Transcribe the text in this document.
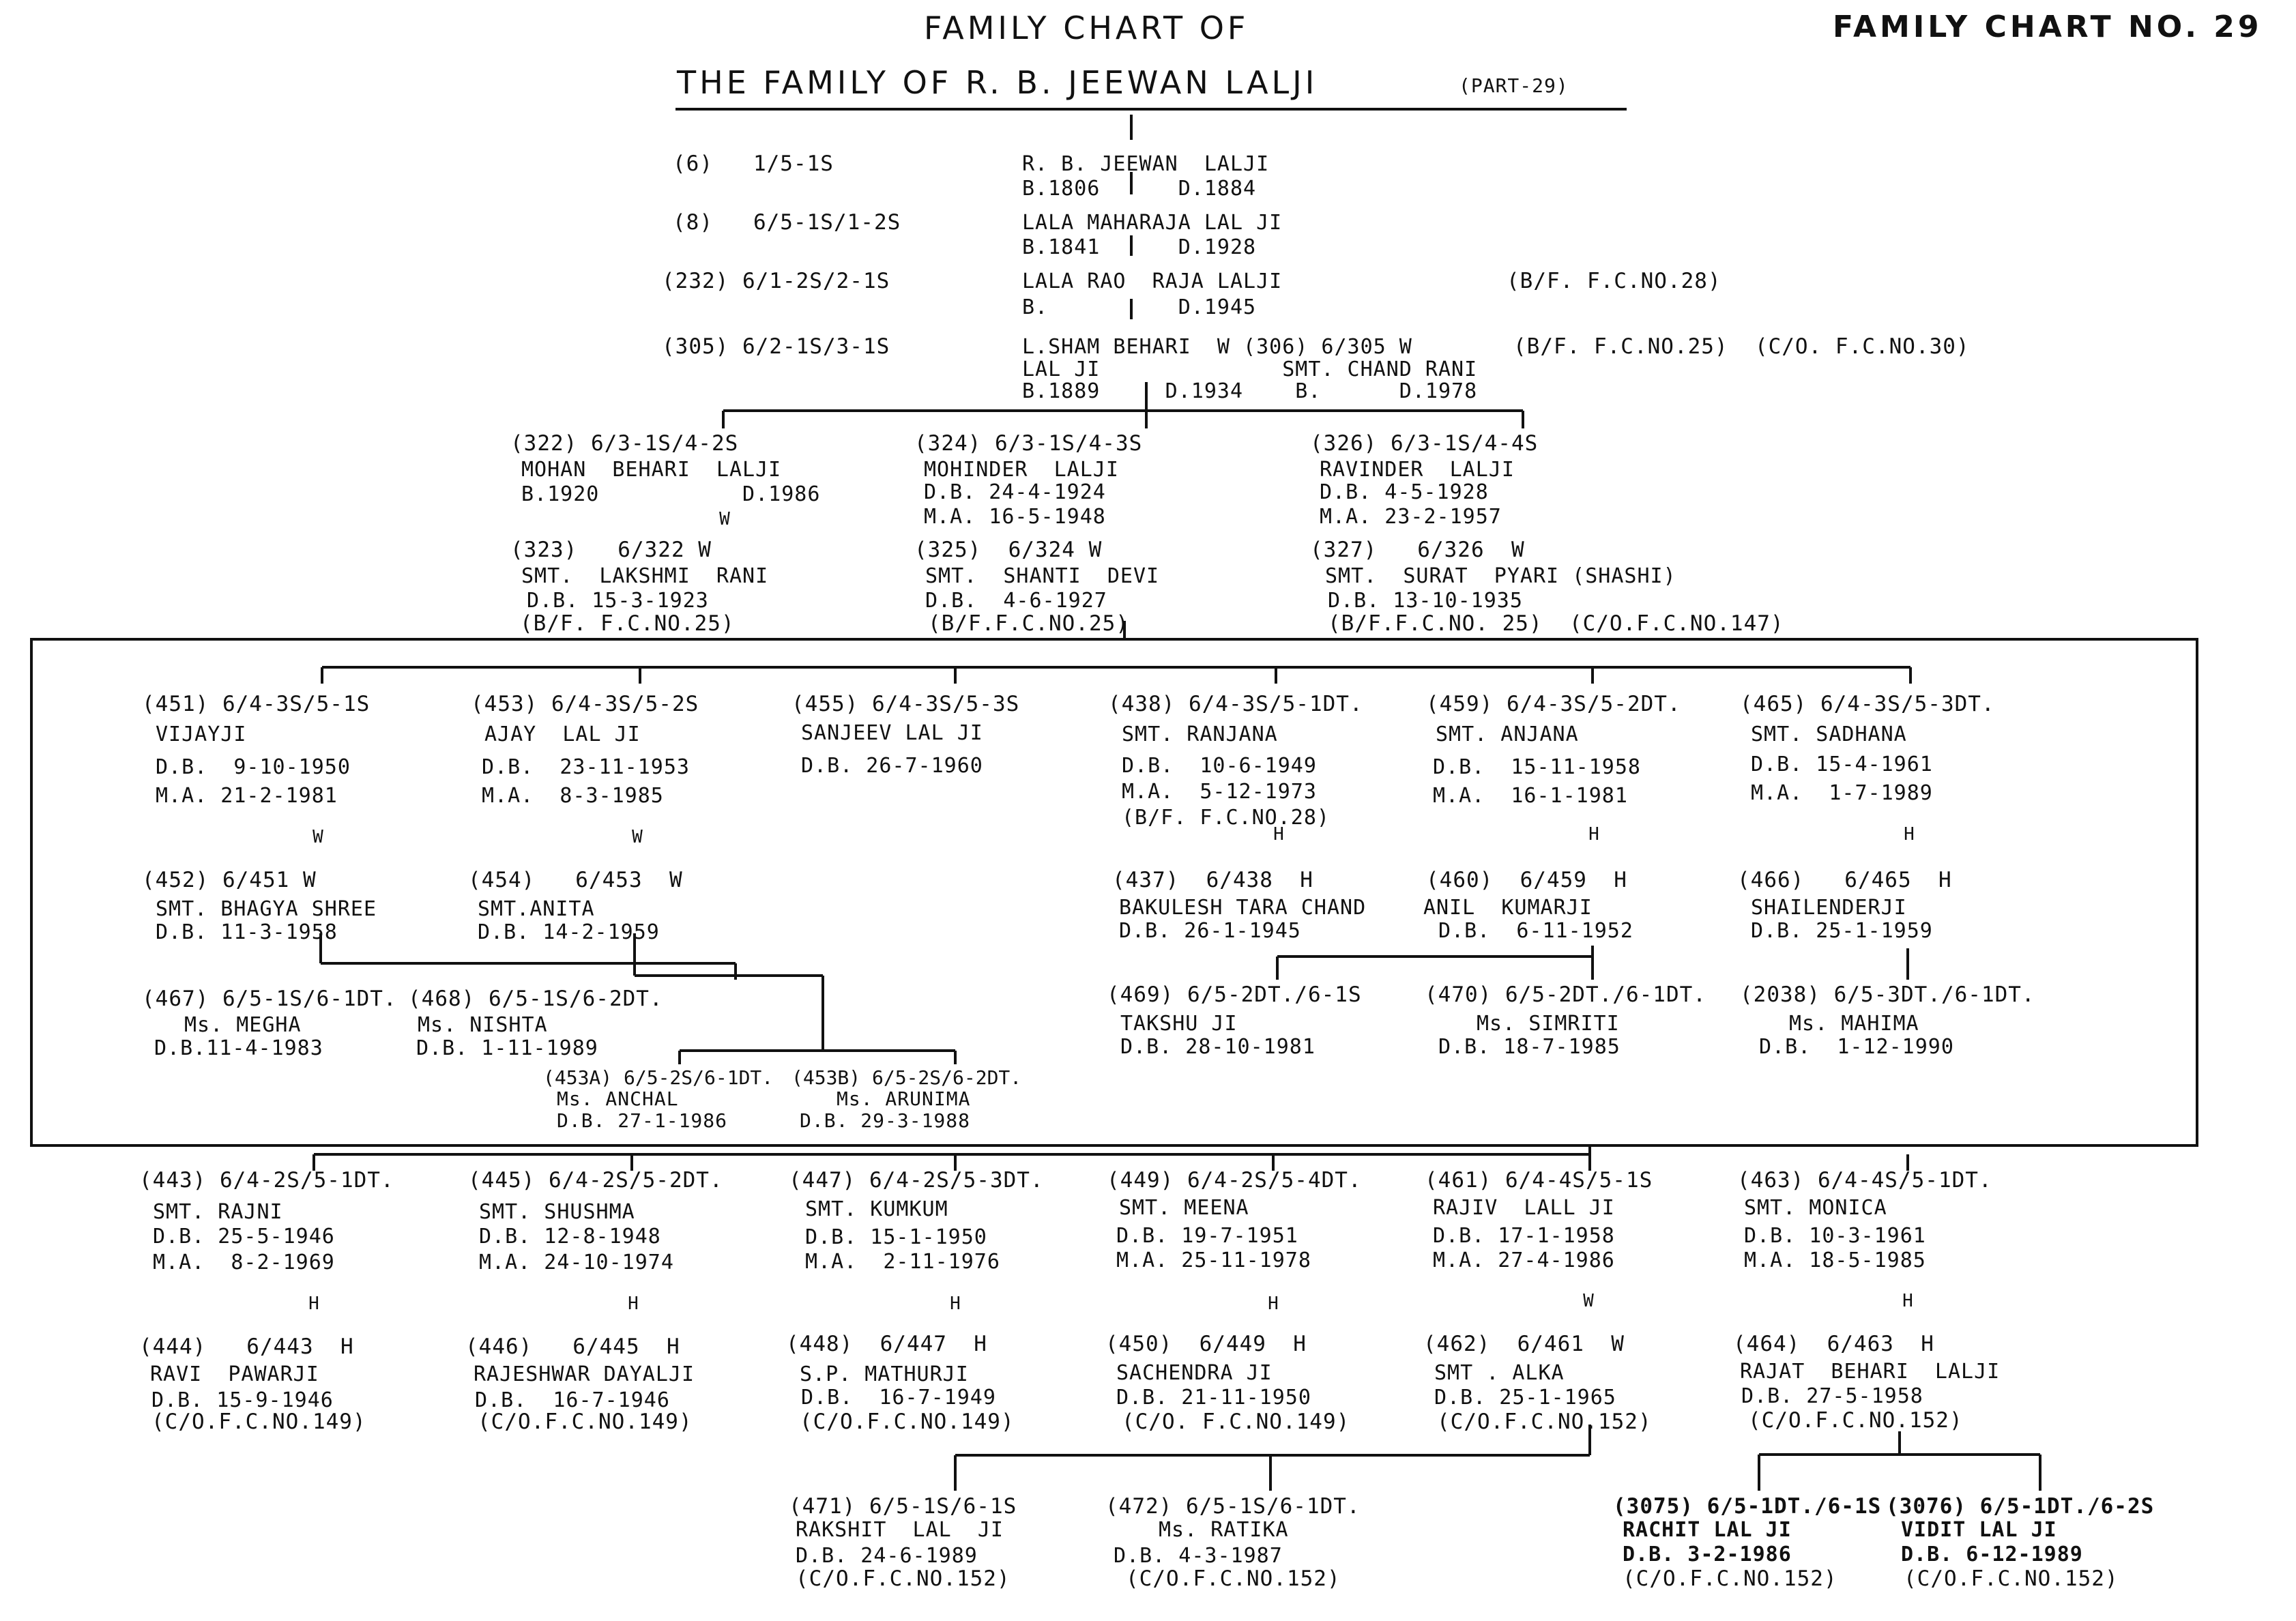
FAMILY CHART OF
THE FAMILY OF R. B. JEEWAN LALJI	(PART-29)
FAMILY CHART NO. 29
(6)   1/5-1S	R. B. JEEWAN  LALJI
B.1806      D.1884
(8)   6/5-1S/1-2S	LALA MAHARAJA LAL JI
B.1841      D.1928
(232) 6/1-2S/2-1S	LALA RAO  RAJA LALJI
B.          D.1945
(B/F. F.C.NO.28)
(305) 6/2-1S/3-1S	L.SHAM BEHARI  W (306) 6/305 W
LAL JI              SMT. CHAND RANI
B.1889     D.1934    B.      D.1978
(B/F. F.C.NO.25)  (C/O. F.C.NO.30)
(322) 6/3-1S/4-2S
MOHAN  BEHARI  LALJI
B.1920           D.1986
W
(323)   6/322 W
SMT.  LAKSHMI  RANI
D.B. 15-3-1923
(B/F. F.C.NO.25)
(324) 6/3-1S/4-3S
MOHINDER  LALJI
D.B. 24-4-1924
M.A. 16-5-1948
(325)  6/324 W
SMT.  SHANTI  DEVI
D.B.  4-6-1927
(B/F.F.C.NO.25)
(326) 6/3-1S/4-4S
RAVINDER  LALJI
D.B. 4-5-1928
M.A. 23-2-1957
(327)   6/326  W
SMT.  SURAT  PYARI (SHASHI)
D.B. 13-10-1935
(B/F.F.C.NO. 25)  (C/O.F.C.NO.147)
(451) 6/4-3S/5-1S
VIJAYJI
D.B.  9-10-1950
M.A. 21-2-1981
W
(452) 6/451 W
SMT. BHAGYA SHREE
D.B. 11-3-1958
(453) 6/4-3S/5-2S
AJAY  LAL JI
D.B.  23-11-1953
M.A.  8-3-1985
W
(454)   6/453  W
SMT.ANITA
D.B. 14-2-1959
(455) 6/4-3S/5-3S
SANJEEV LAL JI
D.B. 26-7-1960
(438) 6/4-3S/5-1DT.
SMT. RANJANA
D.B.  10-6-1949
M.A.  5-12-1973
(B/F. F.C.NO.28)
H
(437)  6/438  H
BAKULESH TARA CHAND
D.B. 26-1-1945
(459) 6/4-3S/5-2DT.
SMT. ANJANA
D.B.  15-11-1958
M.A.  16-1-1981
H
(460)  6/459  H
ANIL  KUMARJI
D.B.  6-11-1952
(465) 6/4-3S/5-3DT.
SMT. SADHANA
D.B. 15-4-1961
M.A.  1-7-1989
H
(466)   6/465  H
SHAILENDERJI
D.B. 25-1-1959
(467) 6/5-1S/6-1DT.
Ms. MEGHA
D.B.11-4-1983
(468) 6/5-1S/6-2DT.
Ms. NISHTA
D.B. 1-11-1989
(453A) 6/5-2S/6-1DT.
Ms. ANCHAL
D.B. 27-1-1986
(453B) 6/5-2S/6-2DT.
Ms. ARUNIMA
D.B. 29-3-1988
(469) 6/5-2DT./6-1S
TAKSHU JI
D.B. 28-10-1981
(470) 6/5-2DT./6-1DT.
Ms. SIMRITI
D.B. 18-7-1985
(2038) 6/5-3DT./6-1DT.
Ms. MAHIMA
D.B.  1-12-1990
(443) 6/4-2S/5-1DT.
SMT. RAJNI
D.B. 25-5-1946
M.A.  8-2-1969
H
(444)   6/443  H
RAVI  PAWARJI
D.B. 15-9-1946
(C/O.F.C.NO.149)
(445) 6/4-2S/5-2DT.
SMT. SHUSHMA
D.B. 12-8-1948
M.A. 24-10-1974
H
(446)   6/445  H
RAJESHWAR DAYALJI
D.B.  16-7-1946
(C/O.F.C.NO.149)
(447) 6/4-2S/5-3DT.
SMT. KUMKUM
D.B. 15-1-1950
M.A.  2-11-1976
H
(448)  6/447  H
S.P. MATHURJI
D.B.  16-7-1949
(C/O.F.C.NO.149)
(449) 6/4-2S/5-4DT.
SMT. MEENA
D.B. 19-7-1951
M.A. 25-11-1978
H
(450)  6/449  H
SACHENDRA JI
D.B. 21-11-1950
(C/O. F.C.NO.149)
(461) 6/4-4S/5-1S
RAJIV  LALL JI
D.B. 17-1-1958
M.A. 27-4-1986
W
(462)  6/461  W
SMT . ALKA
D.B. 25-1-1965
(C/O.F.C.NO.152)
(463) 6/4-4S/5-1DT.
SMT. MONICA
D.B. 10-3-1961
M.A. 18-5-1985
H
(464)  6/463  H
RAJAT  BEHARI  LALJI
D.B. 27-5-1958
(C/O.F.C.NO.152)
(471) 6/5-1S/6-1S
RAKSHIT  LAL  JI
D.B. 24-6-1989
(C/O.F.C.NO.152)
(472) 6/5-1S/6-1DT.
Ms. RATIKA
D.B. 4-3-1987
(C/O.F.C.NO.152)
(3075) 6/5-1DT./6-1S
RACHIT LAL JI
D.B. 3-2-1986
(C/O.F.C.NO.152)
(3076) 6/5-1DT./6-2S
VIDIT LAL JI
D.B. 6-12-1989
(C/O.F.C.NO.152)
